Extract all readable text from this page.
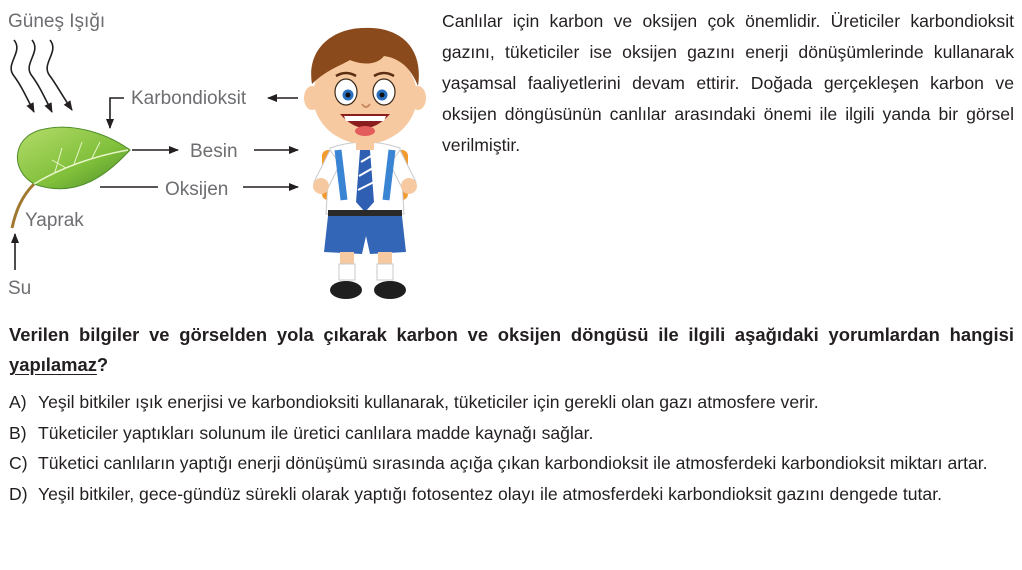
Güneş Işığı
Karbondioksit
Besin
Oksijen
Yaprak
Su

Canlılar için karbon ve oksijen çok önemlidir. Üreticiler karbondioksit gazını, tüketiciler ise oksijen gazını enerji dönüşümlerinde kullanarak yaşamsal faaliyetlerini devam ettirir. Doğada gerçekleşen karbon ve oksijen döngüsünün canlılar arasındaki önemi ile ilgili yanda bir görsel verilmiştir.

Verilen bilgiler ve görselden yola çıkarak karbon ve oksijen döngüsü ile ilgili aşağıdaki yorumlardan hangisi yapılamaz?

A) Yeşil bitkiler ışık enerjisi ve karbondioksiti kullanarak, tüketiciler için gerekli olan gazı atmosfere verir.
B) Tüketiciler yaptıkları solunum ile üretici canlılara madde kaynağı sağlar.
C) Tüketici canlıların yaptığı enerji dönüşümü sırasında açığa çıkan karbondioksit ile atmosferdeki karbondioksit miktarı artar.
D) Yeşil bitkiler, gece-gündüz sürekli olarak yaptığı fotosentez olayı ile atmosferdeki karbondioksit gazını dengede tutar.
